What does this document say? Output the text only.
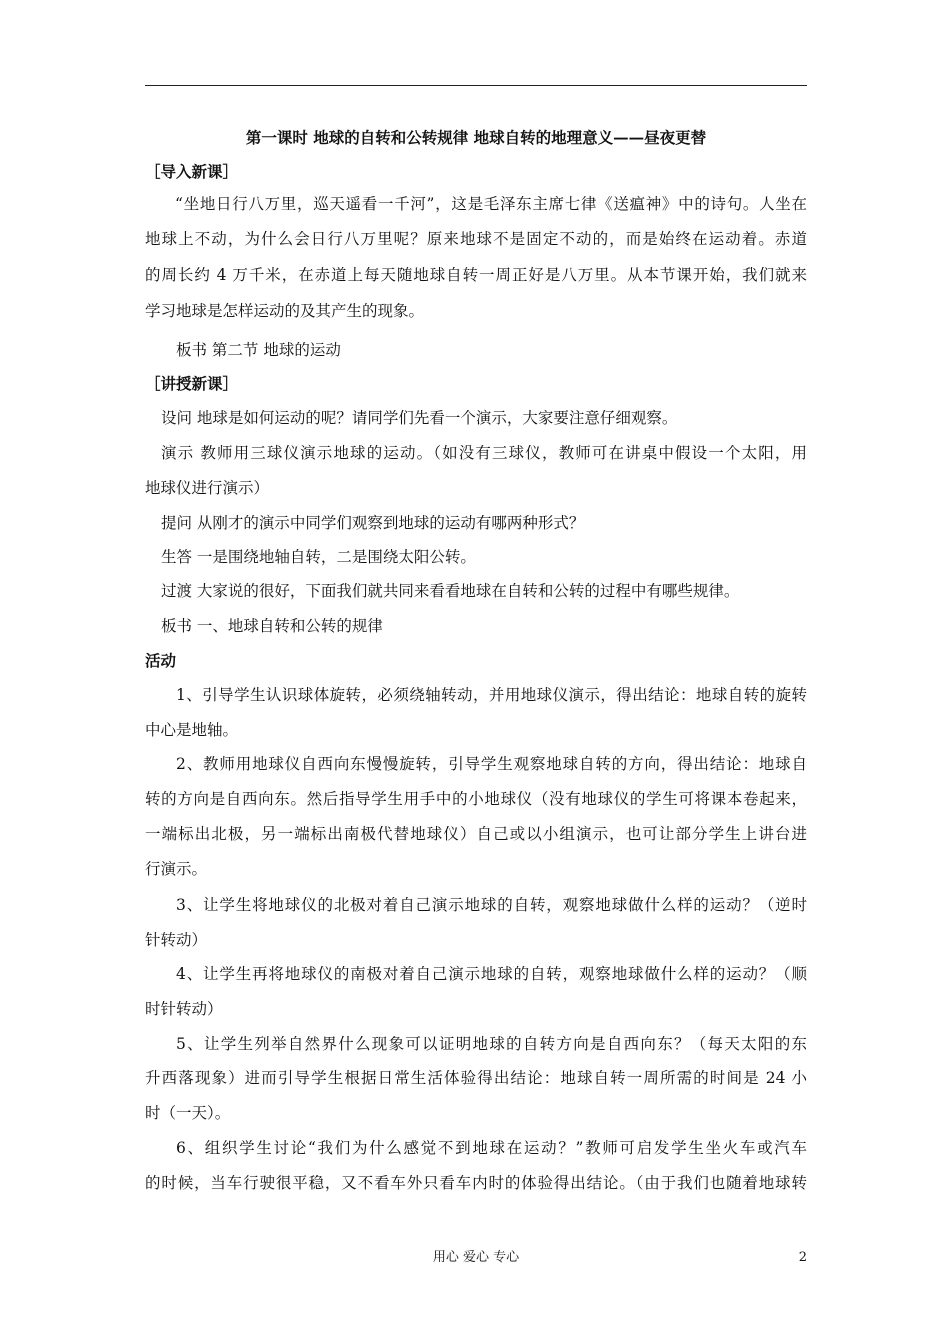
第一课时 地球的自转和公转规律 地球自转的地理意义——昼夜更替
［导入新课］
“坐地日行八万里，巡天遥看一千河”，这是毛泽东主席七律《送瘟神》中的诗句。人坐在
地球上不动，为什么会日行八万里呢？原来地球不是固定不动的，而是始终在运动着。赤道
的周长约 4 万千米，在赤道上每天随地球自转一周正好是八万里。从本节课开始，我们就来
学习地球是怎样运动的及其产生的现象。
板书 第二节 地球的运动
［讲授新课］
设问 地球是如何运动的呢？请同学们先看一个演示，大家要注意仔细观察。
演示 教师用三球仪演示地球的运动。（如没有三球仪，教师可在讲桌中假设一个太阳，用
地球仪进行演示）
提问 从刚才的演示中同学们观察到地球的运动有哪两种形式？
生答 一是围绕地轴自转，二是围绕太阳公转。
过渡 大家说的很好，下面我们就共同来看看地球在自转和公转的过程中有哪些规律。
板书 一、地球自转和公转的规律
活动
1、引导学生认识球体旋转，必须绕轴转动，并用地球仪演示，得出结论：地球自转的旋转
中心是地轴。
2、教师用地球仪自西向东慢慢旋转，引导学生观察地球自转的方向，得出结论：地球自
转的方向是自西向东。然后指导学生用手中的小地球仪（没有地球仪的学生可将课本卷起来，
一端标出北极，另一端标出南极代替地球仪）自己或以小组演示，也可让部分学生上讲台进
行演示。
3、让学生将地球仪的北极对着自己演示地球的自转，观察地球做什么样的运动？（逆时
针转动）
4、让学生再将地球仪的南极对着自己演示地球的自转，观察地球做什么样的运动？（顺
时针转动）
5、让学生列举自然界什么现象可以证明地球的自转方向是自西向东？（每天太阳的东
升西落现象）进而引导学生根据日常生活体验得出结论：地球自转一周所需的时间是 24 小
时（一天）。
6、组织学生讨论“我们为什么感觉不到地球在运动？”教师可启发学生坐火车或汽车
的时候，当车行驶很平稳，又不看车外只看车内时的体验得出结论。（由于我们也随着地球转
用心 爱心 专心	2
